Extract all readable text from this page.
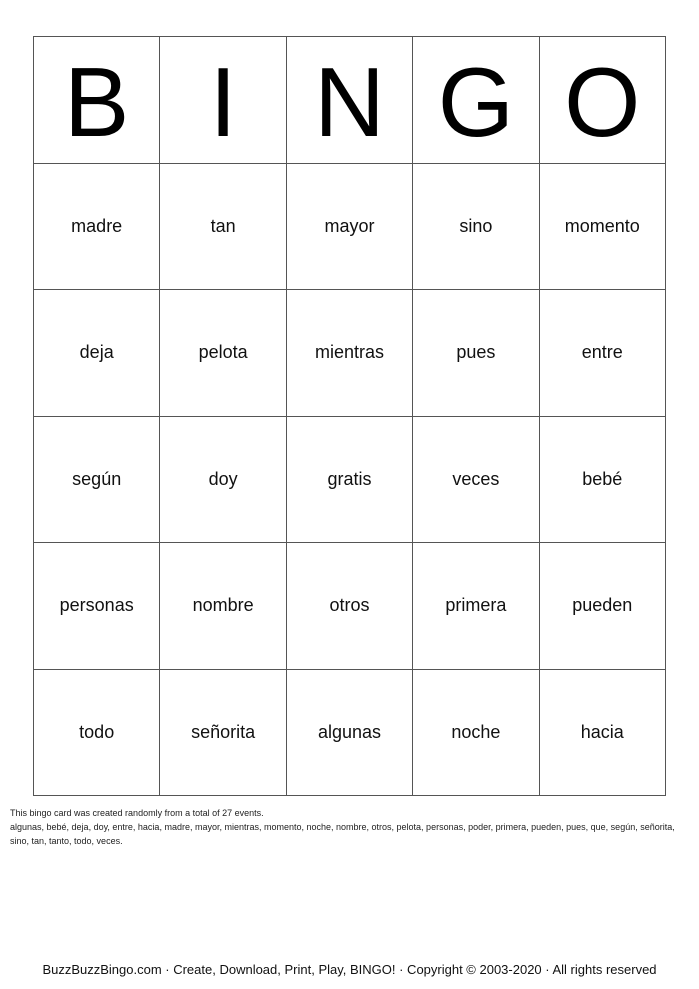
B I N G O
madre	tan	mayor	sino	momento
deja	pelota	mientras	pues	entre
según	doy	gratis	veces	bebé
personas	nombre	otros	primera	pueden
todo	señorita	algunas	noche	hacia
This bingo card was created randomly from a total of 27 events.
algunas, bebé, deja, doy, entre, hacia, madre, mayor, mientras, momento, noche, nombre, otros, pelota, personas, poder, primera, pueden, pues, que, según, señorita, sino, tan, tanto, todo, veces.
BuzzBuzzBingo.com · Create, Download, Print, Play, BINGO! · Copyright © 2003-2020 · All rights reserved
